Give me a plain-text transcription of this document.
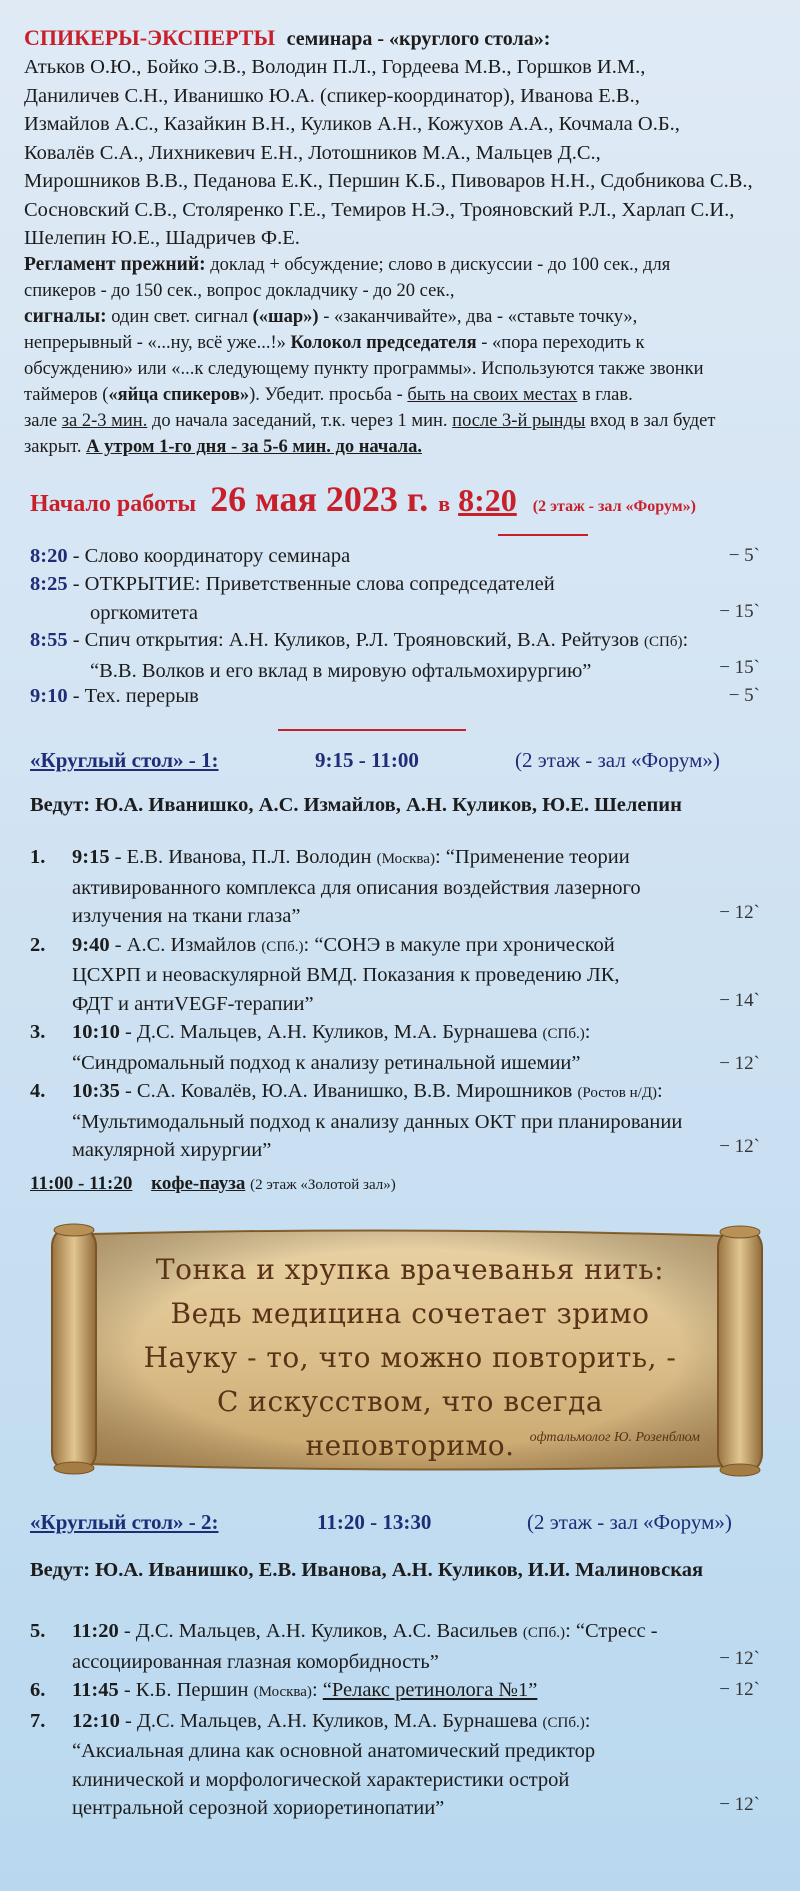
СПИКЕРЫ-ЭКСПЕРТЫ семинара - «круглого стола»:
Атьков О.Ю., Бойко Э.В., Володин П.Л., Гордеева М.В., Горшков И.М.,
Даниличев С.Н., Иванишко Ю.А. (спикер-координатор), Иванова Е.В.,
Измайлов А.С., Казайкин В.Н., Куликов А.Н., Кожухов А.А., Кочмала О.Б.,
Ковалёв С.А., Лихникевич Е.Н., Лотошников М.А., Мальцев Д.С.,
Мирошников В.В., Педанова Е.К., Першин К.Б., Пивоваров Н.Н., Сдобникова С.В.,
Сосновский С.В., Столяренко Г.Е., Темиров Н.Э., Трояновский Р.Л., Харлап С.И.,
Шелепин Ю.Е., Шадричев Ф.Е.
Регламент прежний: доклад + обсуждение; слово в дискуссии - до 100 сек., для
спикеров - до 150 сек., вопрос докладчику - до 20 сек.,
сигналы: один свет. сигнал («шар») - «заканчивайте», два - «ставьте точку»,
непрерывный - «...ну, всё уже...!» Колокол председателя - «пора переходить к
обсуждению» или «...к следующему пункту программы». Используются также звонки
таймеров («яйца спикеров»). Убедит. просьба - быть на своих местах в глав.
зале за 2-3 мин. до начала заседаний, т.к. через 1 мин. после 3-й рынды вход в зал будет
закрыт. А утром 1-го дня - за 5-6 мин. до начала.
Начало работы 26 мая 2023 г. в 8:20 (2 этаж - зал «Форум»)
8:20 - Слово координатору семинара	− 5`
8:25 - ОТКРЫТИЕ: Приветственные слова сопредседателей
оргкомитета	− 15`
8:55 - Спич открытия: А.Н. Куликов, Р.Л. Трояновский, В.А. Рейтузов (СПб):
“В.В. Волков и его вклад в мировую офтальмохирургию”	− 15`
9:10 - Тех. перерыв	− 5`
«Круглый стол» - 1:	9:15 - 11:00	(2 этаж - зал «Форум»)
Ведут: Ю.А. Иванишко, А.С. Измайлов, А.Н. Куликов, Ю.Е. Шелепин
1. 9:15 - Е.В. Иванова, П.Л. Володин (Москва): “Применение теории
активированного комплекса для описания воздействия лазерного
излучения на ткани глаза”	− 12`
2. 9:40 - А.С. Измайлов (СПб.): “СОНЭ в макуле при хронической
ЦСХРП и неоваскулярной ВМД. Показания к проведению ЛК,
ФДТ и антиVEGF-терапии”	− 14`
3. 10:10 - Д.С. Мальцев, А.Н. Куликов, М.А. Бурнашева (СПб.):
“Синдромальный подход к анализу ретинальной ишемии”	− 12`
4. 10:35 - С.А. Ковалёв, Ю.А. Иванишко, В.В. Мирошников (Ростов н/Д):
“Мультимодальный подход к анализу данных ОКТ при планировании
макулярной хирургии”	− 12`
11:00 - 11:20 кофе-пауза (2 этаж «Золотой зал»)
Тонка и хрупка врачеванья нить:
Ведь медицина сочетает зримо
Науку - то, что можно повторить, -
С искусством, что всегда неповторимо.	офтальмолог Ю. Розенблюм
«Круглый стол» - 2:	11:20 - 13:30	(2 этаж - зал «Форум»)
Ведут: Ю.А. Иванишко, Е.В. Иванова, А.Н. Куликов, И.И. Малиновская
5. 11:20 - Д.С. Мальцев, А.Н. Куликов, А.С. Васильев (СПб.): “Стресс -
ассоциированная глазная коморбидность”	− 12`
6. 11:45 - К.Б. Першин (Москва): “Релакс ретинолога №1”	− 12`
7. 12:10 - Д.С. Мальцев, А.Н. Куликов, М.А. Бурнашева (СПб.):
“Аксиальная длина как основной анатомический предиктор
клинической и морфологической характеристики острой
центральной серозной хориоретинопатии”	− 12`
